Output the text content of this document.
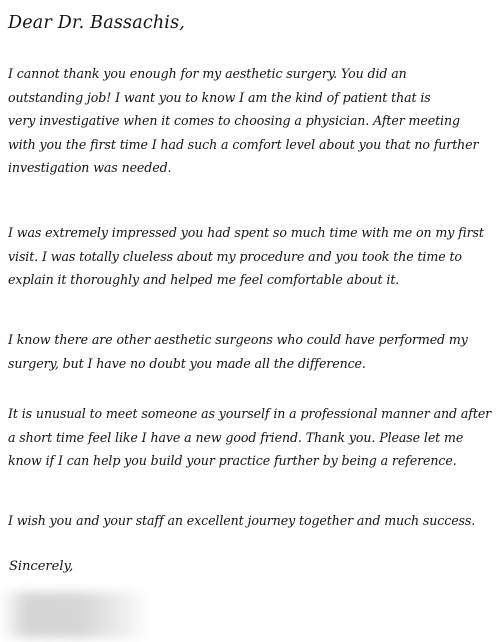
Dear Dr. Bassachis,
I cannot thank you enough for my aesthetic surgery. You did an
outstanding job! I want you to know I am the kind of patient that is
very investigative when it comes to choosing a physician. After meeting
with you the first time I had such a comfort level about you that no further
investigation was needed.
I was extremely impressed you had spent so much time with me on my first
visit. I was totally clueless about my procedure and you took the time to
explain it thoroughly and helped me feel comfortable about it.
I know there are other aesthetic surgeons who could have performed my
surgery, but I have no doubt you made all the difference.
It is unusual to meet someone as yourself in a professional manner and after
a short time feel like I have a new good friend. Thank you. Please let me
know if I can help you build your practice further by being a reference.
I wish you and your staff an excellent journey together and much success.
Sincerely,
